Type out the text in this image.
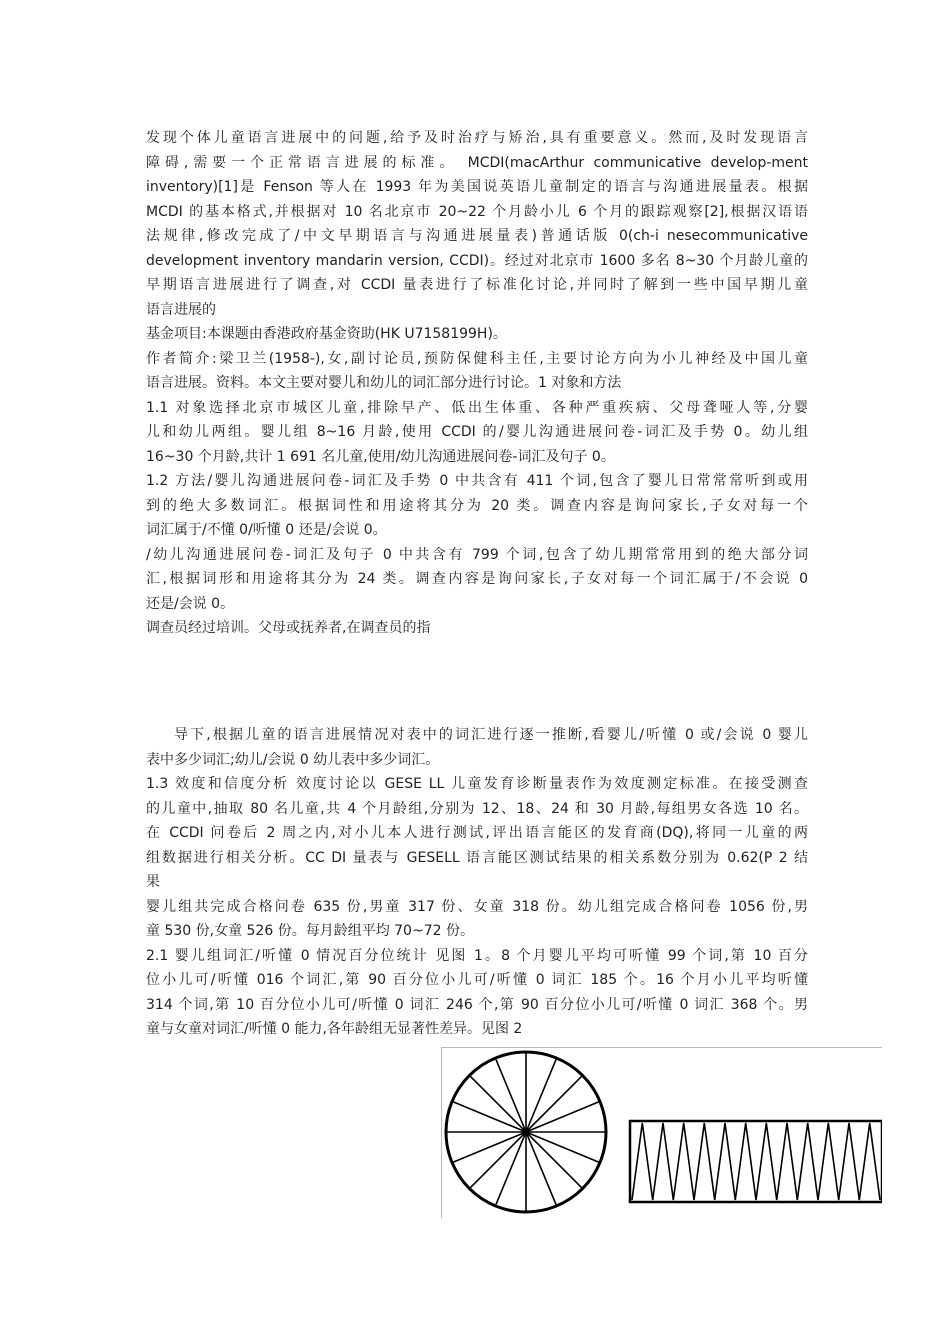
发现个体儿童语言进展中的问题,给予及时治疗与矫治,具有重要意义。然而,及时发现语言
障碍,需要一个正常语言进展的标准。 MCDI(macArthur communicative develop-ment
inventory)[1]是 Fenson 等人在 1993 年为美国说英语儿童制定的语言与沟通进展量表。根据
MCDI 的基本格式,并根据对 10 名北京市 20~22 个月龄小儿 6 个月的跟踪观察[2],根据汉语语
法规律,修改完成了/中文早期语言与沟通进展量表)普通话版 0(ch-i nesecommunicative
development inventory mandarin version, CCDI)。经过对北京市 1600 多名 8~30 个月龄儿童的
早期语言进展进行了调查,对 CCDI 量表进行了标准化讨论,并同时了解到一些中国早期儿童
语言进展的
基金项目:本课题由香港政府基金资助(HK U7158199H)。
作者简介:梁卫兰(1958-),女,副讨论员,预防保健科主任,主要讨论方向为小儿神经及中国儿童
语言进展。资料。本文主要对婴儿和幼儿的词汇部分进行讨论。1 对象和方法
1.1 对象选择北京市城区儿童,排除早产、低出生体重、各种严重疾病、父母聋哑人等,分婴
儿和幼儿两组。婴儿组 8~16 月龄,使用 CCDI 的/婴儿沟通进展问卷-词汇及手势 0。幼儿组
16~30 个月龄,共计 1 691 名儿童,使用/幼儿沟通进展问卷-词汇及句子 0。
1.2 方法/婴儿沟通进展问卷-词汇及手势 0 中共含有 411 个词,包含了婴儿日常常常听到或用
到的绝大多数词汇。根据词性和用途将其分为 20 类。调查内容是询问家长,子女对每一个
词汇属于/不懂 0/听懂 0 还是/会说 0。
/幼儿沟通进展问卷-词汇及句子 0 中共含有 799 个词,包含了幼儿期常常用到的绝大部分词
汇,根据词形和用途将其分为 24 类。调查内容是询问家长,子女对每一个词汇属于/不会说 0
还是/会说 0。
调查员经过培训。父母或抚养者,在调查员的指
导下,根据儿童的语言进展情况对表中的词汇进行逐一推断,看婴儿/听懂 0 或/会说 0 婴儿
表中多少词汇;幼儿/会说 0 幼儿表中多少词汇。
1.3 效度和信度分析 效度讨论以 GESE LL 儿童发育诊断量表作为效度测定标准。在接受测查
的儿童中,抽取 80 名儿童,共 4 个月龄组,分别为 12、18、24 和 30 月龄,每组男女各选 10 名。
在 CCDI 问卷后 2 周之内,对小儿本人进行测试,评出语言能区的发育商(DQ),将同一儿童的两
组数据进行相关分析。CC DI 量表与 GESELL 语言能区测试结果的相关系数分别为 0.62(P 2 结
果
婴儿组共完成合格问卷 635 份,男童 317 份、女童 318 份。幼儿组完成合格问卷 1056 份,男
童 530 份,女童 526 份。每月龄组平均 70~72 份。
2.1 婴儿组词汇/听懂 0 情况百分位统计 见图 1。8 个月婴儿平均可听懂 99 个词,第 10 百分
位小儿可/听懂 016 个词汇,第 90 百分位小儿可/听懂 0 词汇 185 个。16 个月小儿平均听懂
314 个词,第 10 百分位小儿可/听懂 0 词汇 246 个,第 90 百分位小儿可/听懂 0 词汇 368 个。男
童与女童对词汇/听懂 0 能力,各年龄组无显著性差异。见图 2
